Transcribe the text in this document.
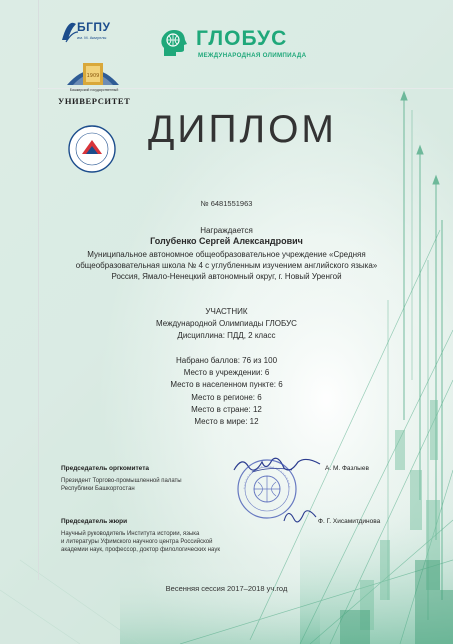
БГПУ
им. М. Акмуллы
1909
Башкирский государственный
УНИВЕРСИТЕТ
ГЛОБУС
МЕЖДУНАРОДНАЯ ОЛИМПИАДА
ДИПЛОМ
№ 6481551963
Награждается
Голубенко Сергей Александрович
Муниципальное автономное общеобразовательное учреждение «Средняя
общеобразовательная школа № 4 с углубленным изучением английского языка»
Россия, Ямало-Ненецкий автономный округ, г. Новый Уренгой
УЧАСТНИК
Международной Олимпиады ГЛОБУС
Дисциплина: ПДД, 2 класс
Набрано баллов: 76 из 100
Место в учреждении: 6
Место в населенном пункте: 6
Место в регионе: 6
Место в стране: 12
Место в мире: 12
Председатель оргкомитета
Президент Торгово-промышленной палаты
Республики Башкортостан
А. М. Фазлыев
Председатель жюри
Научный руководитель Института истории, языка
и литературы Уфимского научного центра Российской
академии наук, профессор, доктор филологических наук
Ф. Г. Хисамитдинова
Весенняя сессия 2017–2018 уч.год
